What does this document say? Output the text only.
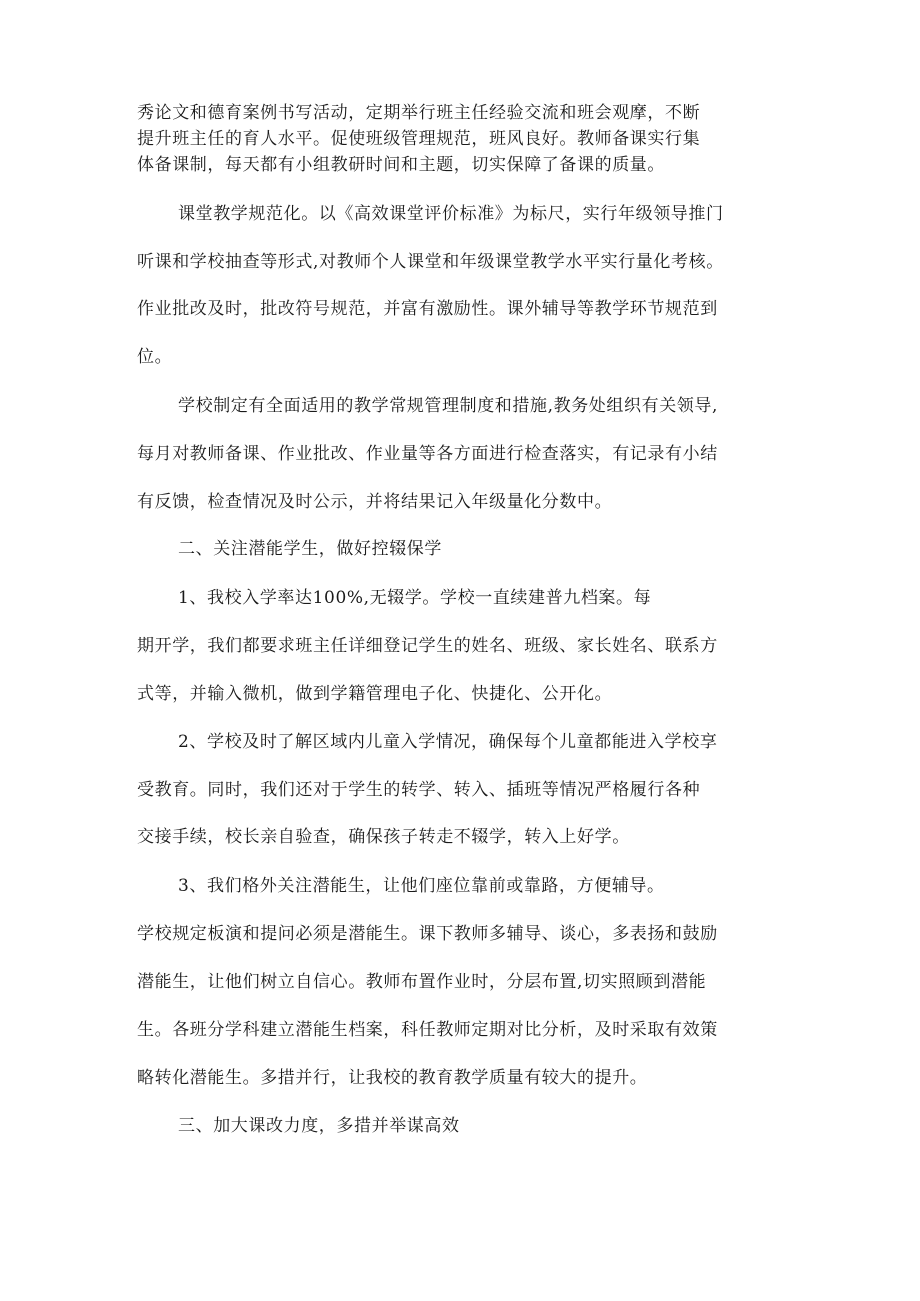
秀论文和德育案例书写活动，定期举行班主任经验交流和班会观摩，不断
提升班主任的育人水平。促使班级管理规范，班风良好。教师备课实行集
体备课制，每天都有小组教研时间和主题，切实保障了备课的质量。
课堂教学规范化。以《高效课堂评价标准》为标尺，实行年级领导推门
听课和学校抽查等形式,对教师个人课堂和年级课堂教学水平实行量化考核。
作业批改及时，批改符号规范，并富有激励性。课外辅导等教学环节规范到
位。
学校制定有全面适用的教学常规管理制度和措施,教务处组织有关领导,
每月对教师备课、作业批改、作业量等各方面进行检查落实，有记录有小结
有反馈，检查情况及时公示，并将结果记入年级量化分数中。
二、关注潜能学生，做好控辍保学
1、我校入学率达100%,无辍学。学校一直续建普九档案。每
期开学，我们都要求班主任详细登记学生的姓名、班级、家长姓名、联系方
式等，并输入微机，做到学籍管理电子化、快捷化、公开化。
2、学校及时了解区域内儿童入学情况，确保每个儿童都能进入学校享
受教育。同时，我们还对于学生的转学、转入、插班等情况严格履行各种
交接手续，校长亲自验查，确保孩子转走不辍学，转入上好学。
3、我们格外关注潜能生，让他们座位靠前或靠路，方便辅导。
学校规定板演和提问必须是潜能生。课下教师多辅导、谈心，多表扬和鼓励
潜能生，让他们树立自信心。教师布置作业时，分层布置,切实照顾到潜能
生。各班分学科建立潜能生档案，科任教师定期对比分析，及时采取有效策
略转化潜能生。多措并行，让我校的教育教学质量有较大的提升。
三、加大课改力度，多措并举谋高效
